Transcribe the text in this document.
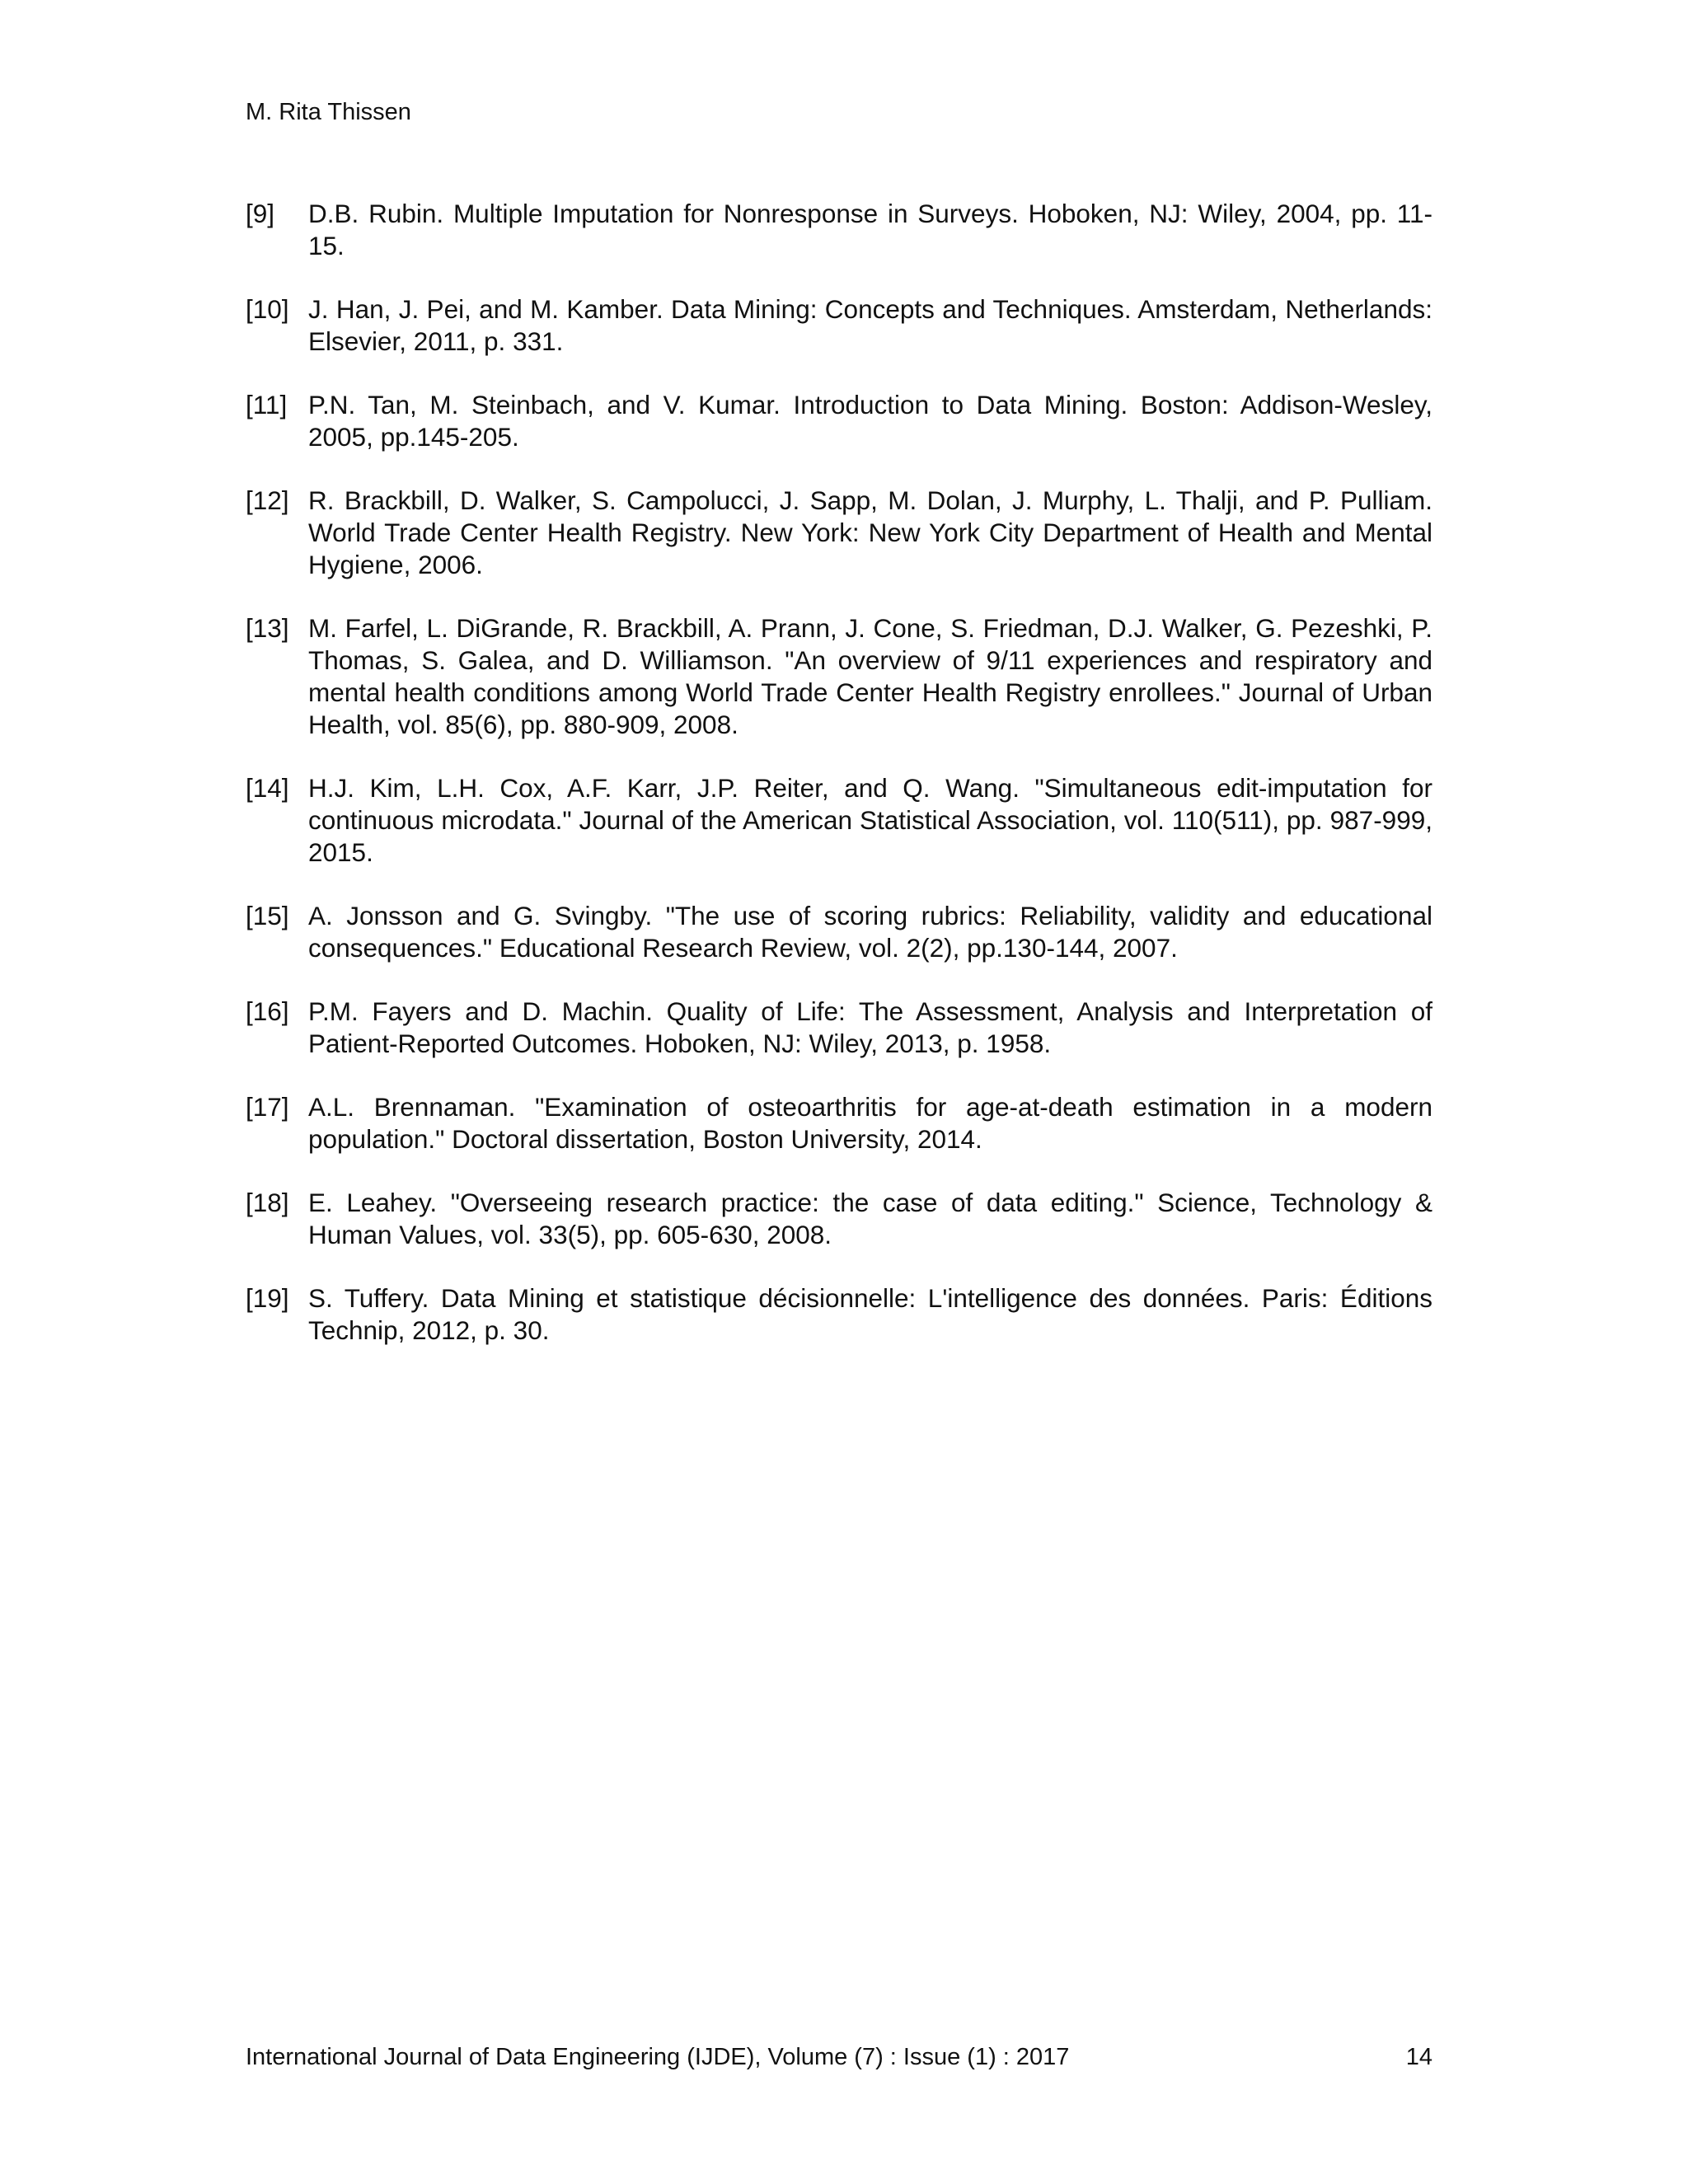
M. Rita Thissen
[9] D.B. Rubin. Multiple Imputation for Nonresponse in Surveys. Hoboken, NJ: Wiley, 2004, pp. 11-15.
[10] J. Han, J. Pei, and M. Kamber. Data Mining: Concepts and Techniques. Amsterdam, Netherlands: Elsevier, 2011, p. 331.
[11] P.N. Tan, M. Steinbach, and V. Kumar. Introduction to Data Mining. Boston: Addison-Wesley, 2005, pp.145-205.
[12] R. Brackbill, D. Walker, S. Campolucci, J. Sapp, M. Dolan, J. Murphy, L. Thalji, and P. Pulliam. World Trade Center Health Registry. New York: New York City Department of Health and Mental Hygiene, 2006.
[13] M. Farfel, L. DiGrande, R. Brackbill, A. Prann, J. Cone, S. Friedman, D.J. Walker, G. Pezeshki, P. Thomas, S. Galea, and D. Williamson. "An overview of 9/11 experiences and respiratory and mental health conditions among World Trade Center Health Registry enrollees." Journal of Urban Health, vol. 85(6), pp. 880-909, 2008.
[14] H.J. Kim, L.H. Cox, A.F. Karr, J.P. Reiter, and Q. Wang. "Simultaneous edit-imputation for continuous microdata." Journal of the American Statistical Association, vol. 110(511), pp. 987-999, 2015.
[15] A. Jonsson and G. Svingby. "The use of scoring rubrics: Reliability, validity and educational consequences." Educational Research Review, vol. 2(2), pp.130-144, 2007.
[16] P.M. Fayers and D. Machin. Quality of Life: The Assessment, Analysis and Interpretation of Patient-Reported Outcomes. Hoboken, NJ: Wiley, 2013, p. 1958.
[17] A.L. Brennaman. "Examination of osteoarthritis for age-at-death estimation in a modern population." Doctoral dissertation, Boston University, 2014.
[18] E. Leahey. "Overseeing research practice: the case of data editing." Science, Technology & Human Values, vol. 33(5), pp. 605-630, 2008.
[19] S. Tuffery. Data Mining et statistique décisionnelle: L'intelligence des données. Paris: Éditions Technip, 2012, p. 30.
International Journal of Data Engineering (IJDE), Volume (7) : Issue (1) : 2017	14
